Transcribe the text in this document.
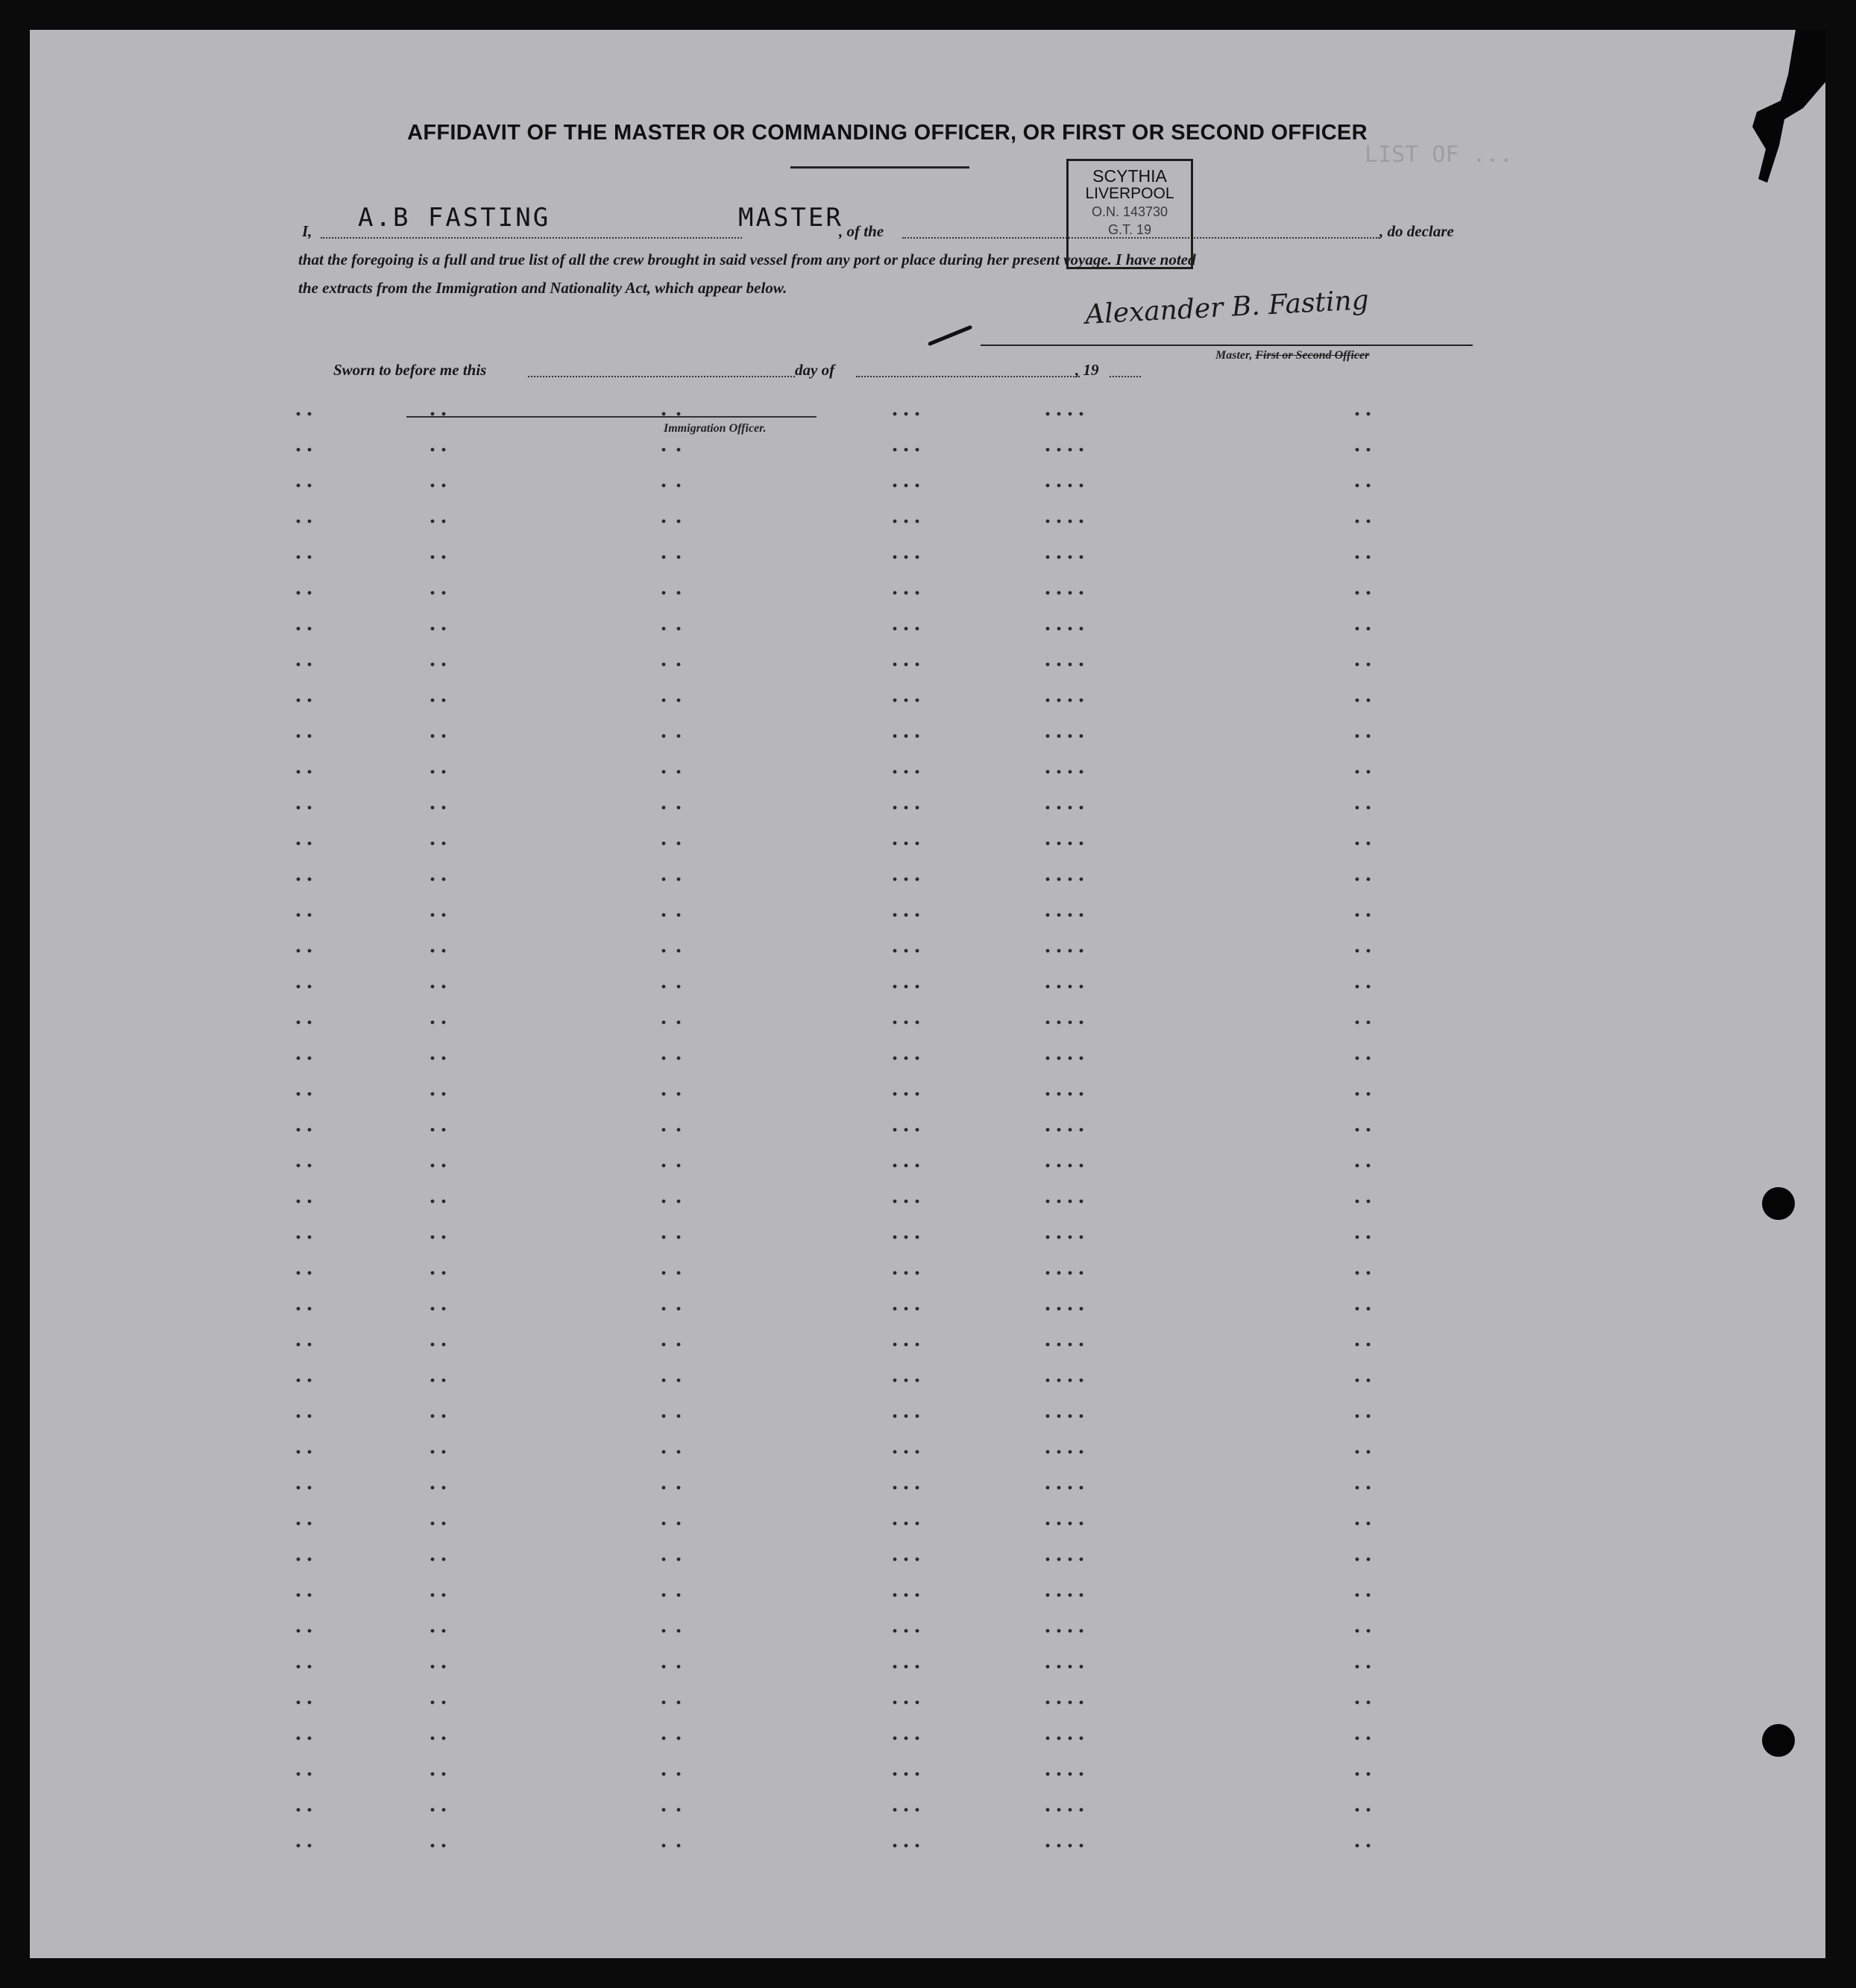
LIST OF ...
AFFIDAVIT OF THE MASTER OR COMMANDING OFFICER, OR FIRST OR SECOND OFFICER
I, A.B FASTING	MASTER
, of the	, do declare
that the foregoing is a full and true list of all the crew brought in said vessel from any port or place during her present voyage. I have noted
the extracts from the Immigration and Nationality Act, which appear below.
SCYTHIA
LIVERPOOL
O.N. 143730
G.T. 19
Alexander B. Fasting
Master, First or Second Officer
Sworn to before me this	day of	, 19
Immigration Officer.
